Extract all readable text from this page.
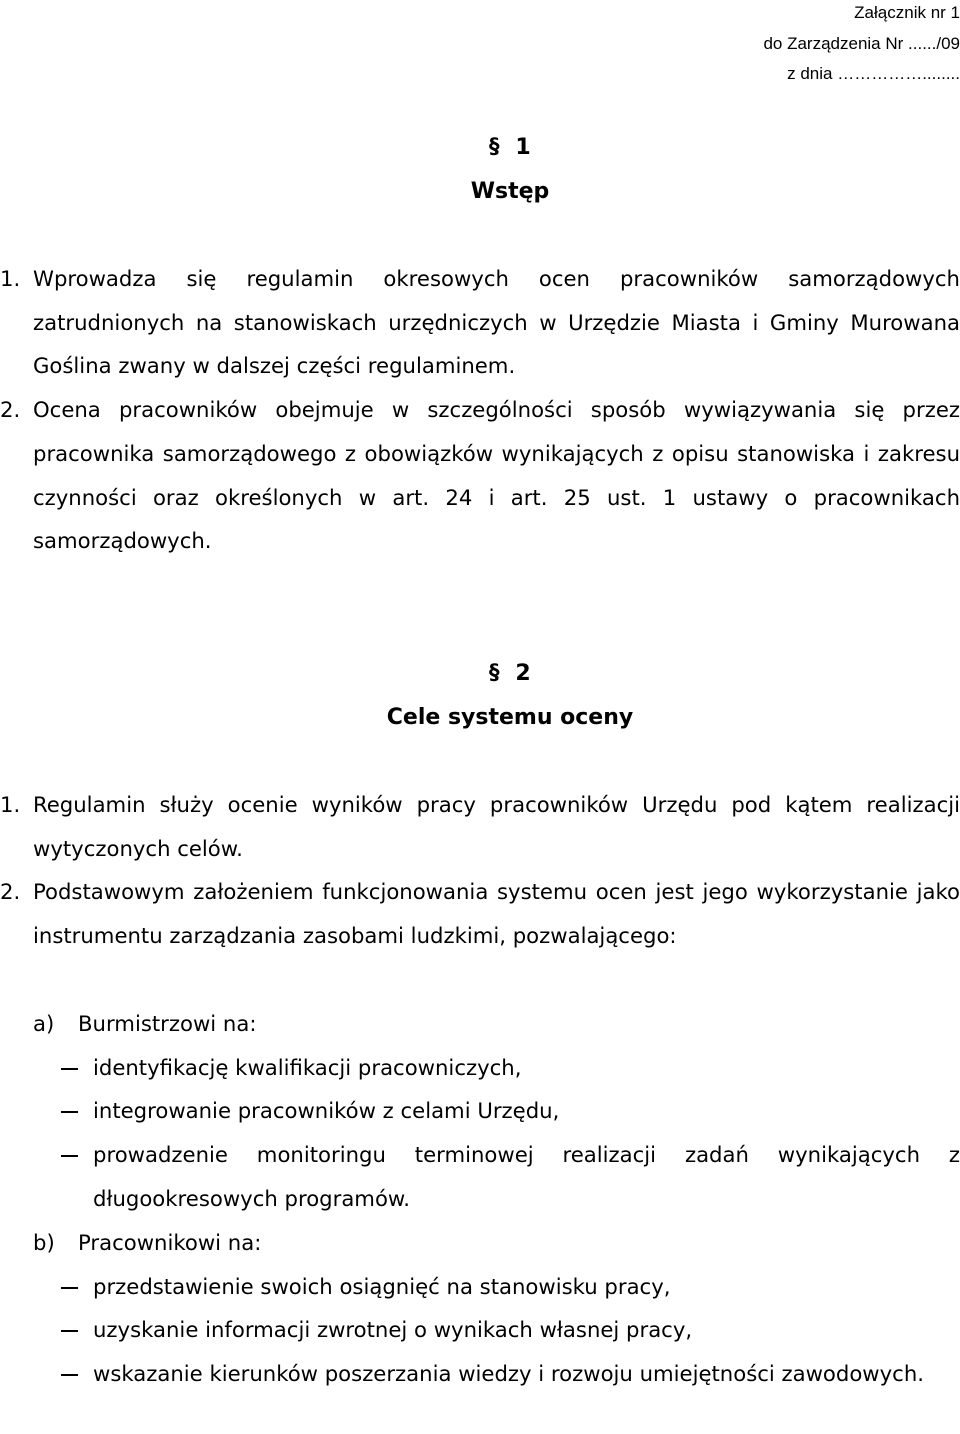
Załącznik nr 1
do Zarządzenia Nr ....../09
z dnia ……………........
§ 1
Wstęp
1. Wprowadza się regulamin okresowych ocen pracowników samorządowych zatrudnionych na stanowiskach urzędniczych w Urzędzie Miasta i Gminy Murowana Goślina zwany w dalszej części regulaminem.
2. Ocena pracowników obejmuje w szczególności sposób wywiązywania się przez pracownika samorządowego z obowiązków wynikających z opisu stanowiska i zakresu czynności oraz określonych w art. 24 i art. 25 ust. 1 ustawy o pracownikach samorządowych.
§ 2
Cele systemu oceny
1. Regulamin służy ocenie wyników pracy pracowników Urzędu pod kątem realizacji wytyczonych celów.
2. Podstawowym założeniem funkcjonowania systemu ocen jest jego wykorzystanie jako instrumentu zarządzania zasobami ludzkimi, pozwalającego:
a) Burmistrzowi na:
identyfikację kwalifikacji pracowniczych,
integrowanie pracowników z celami Urzędu,
prowadzenie monitoringu terminowej realizacji zadań wynikających z długookresowych programów.
b) Pracownikowi na:
przedstawienie swoich osiągnięć na stanowisku pracy,
uzyskanie informacji zwrotnej o wynikach własnej pracy,
wskazanie kierunków poszerzania wiedzy i rozwoju umiejętności zawodowych.
